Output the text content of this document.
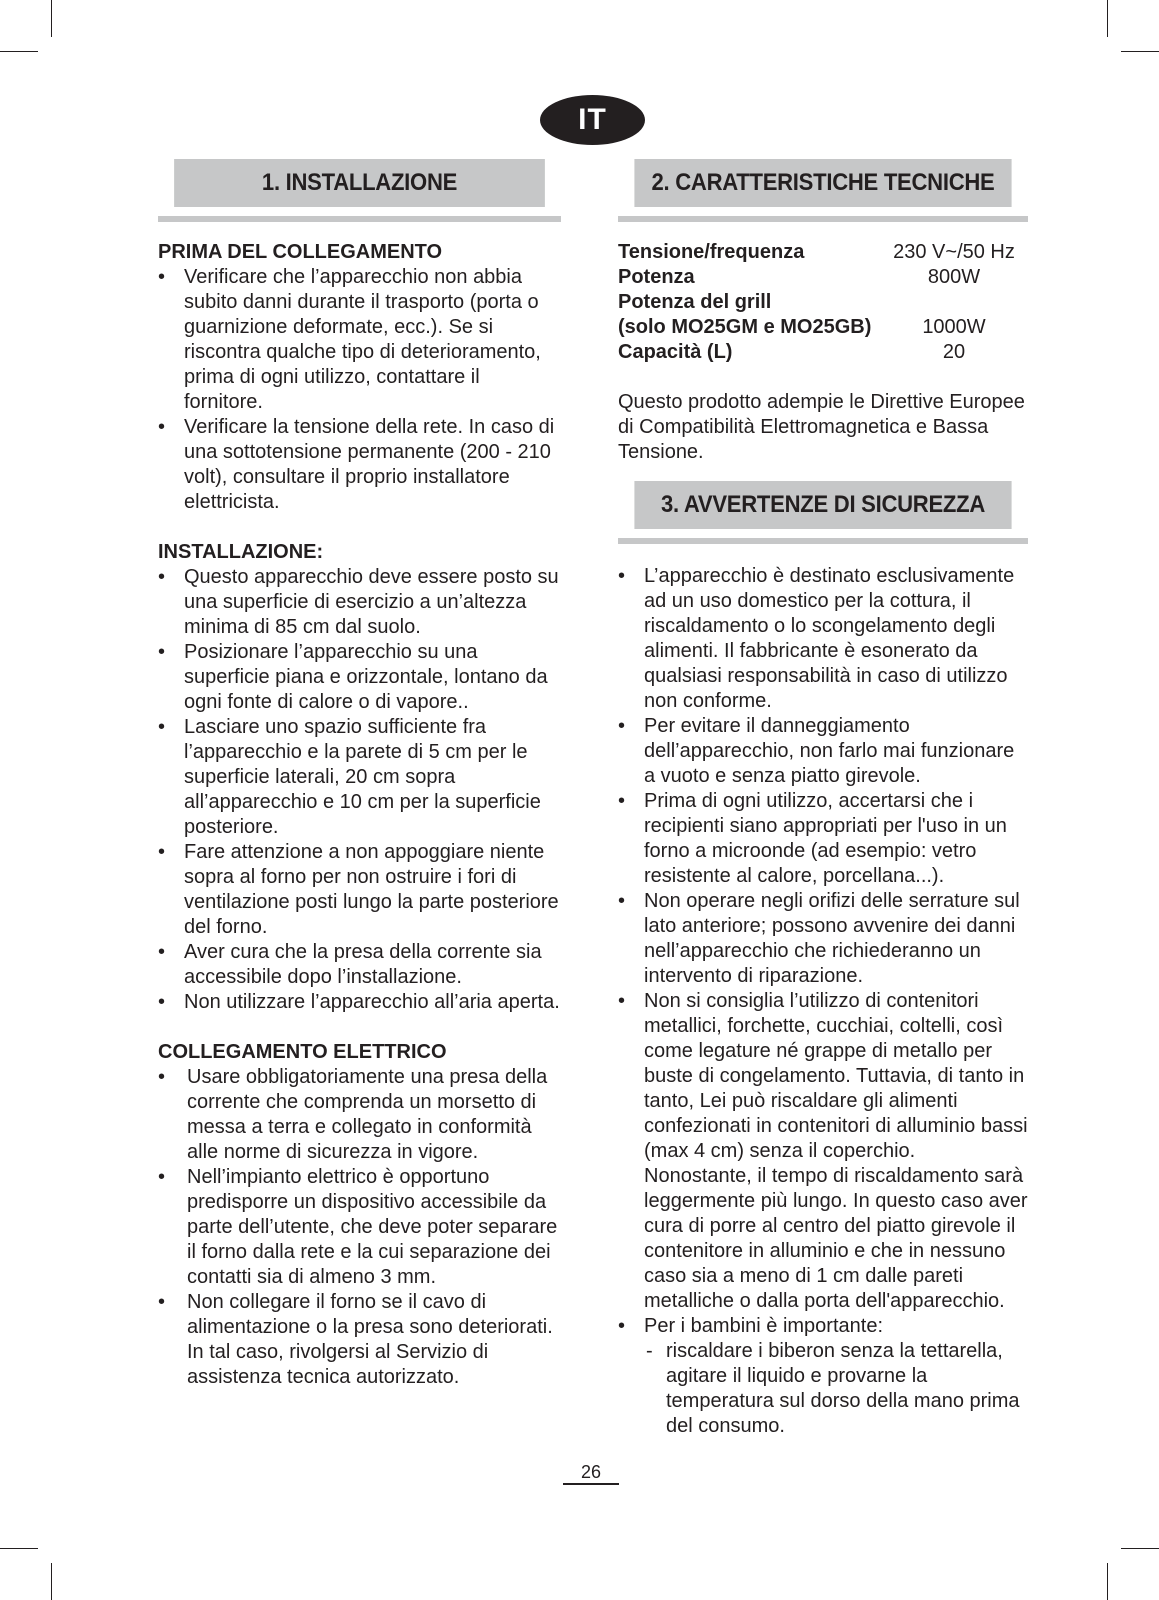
IT
1. INSTALLAZIONE
PRIMA DEL COLLEGAMENTO
• Verificare che l’apparecchio non abbia subito danni durante il trasporto (porta o guarnizione deformate, ecc.). Se si riscontra qualche tipo di deterioramento, prima di ogni utilizzo, contattare il fornitore.
• Verificare la tensione della rete. In caso di una sottotensione permanente (200 - 210 volt), consultare il proprio installatore elettricista.
INSTALLAZIONE:
• Questo apparecchio deve essere posto su una superficie di esercizio a un’altezza minima di 85 cm dal suolo.
• Posizionare l’apparecchio su una superficie piana e orizzontale, lontano da ogni fonte di calore o di vapore..
• Lasciare uno spazio sufficiente fra l’apparecchio e la parete di 5 cm per le superficie laterali, 20 cm sopra all’apparecchio e 10 cm per la superficie posteriore.
• Fare attenzione a non appoggiare niente sopra al forno per non ostruire i fori di ventilazione posti lungo la parte posteriore del forno.
• Aver cura che la presa della corrente sia accessibile dopo l’installazione.
• Non utilizzare l’apparecchio all’aria aperta.
COLLEGAMENTO ELETTRICO
• Usare obbligatoriamente una presa della corrente che comprenda un morsetto di messa a terra e collegato in conformità alle norme di sicurezza in vigore.
• Nell’impianto elettrico è opportuno predisporre un dispositivo accessibile da parte dell’utente, che deve poter separare il forno dalla rete e la cui separazione dei contatti sia di almeno 3 mm.
• Non collegare il forno se il cavo di alimentazione o la presa sono deteriorati. In tal caso, rivolgersi al Servizio di assistenza tecnica autorizzato.
2. CARATTERISTICHE TECNICHE
Tensione/frequenza	230 V~/50 Hz
Potenza	800W
Potenza del grill
(solo MO25GM e MO25GB)	1000W
Capacità (L)	20
Questo prodotto adempie le Direttive Europee di Compatibilità Elettromagnetica e Bassa Tensione.
3. AVVERTENZE DI SICUREZZA
• L’apparecchio è destinato esclusivamente ad un uso domestico per la cottura, il riscaldamento o lo scongelamento degli alimenti. Il fabbricante è esonerato da qualsiasi responsabilità in caso di utilizzo non conforme.
• Per evitare il danneggiamento dell’apparecchio, non farlo mai funzionare a vuoto e senza piatto girevole.
• Prima di ogni utilizzo, accertarsi che i recipienti siano appropriati per l'uso in un forno a microonde (ad esempio: vetro resistente al calore, porcellana...).
• Non operare negli orifizi delle serrature sul lato anteriore; possono avvenire dei danni nell’apparecchio che richiederanno un intervento di riparazione.
• Non si consiglia l’utilizzo di contenitori metallici, forchette, cucchiai, coltelli, così come legature né grappe di metallo per buste di congelamento. Tuttavia, di tanto in tanto, Lei può riscaldare gli alimenti confezionati in contenitori di alluminio bassi (max 4 cm) senza il coperchio. Nonostante, il tempo di riscaldamento sarà leggermente più lungo. In questo caso aver cura di porre al centro del piatto girevole il contenitore in alluminio e che in nessuno caso sia a meno di 1 cm dalle pareti metalliche o dalla porta dell'apparecchio.
• Per i bambini è importante:
- riscaldare i biberon senza la tettarella, agitare il liquido e provarne la temperatura sul dorso della mano prima del consumo.
26
